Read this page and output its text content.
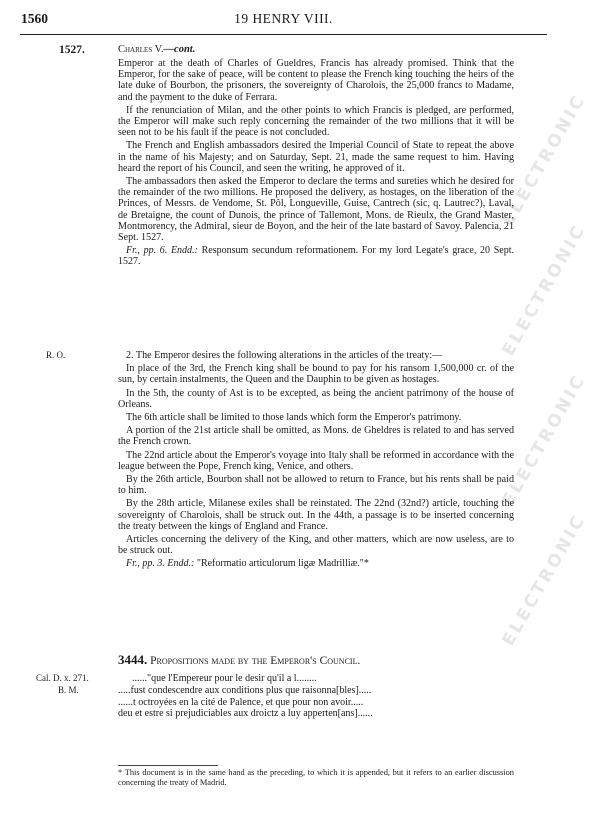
ELECTRONIC
ELECTRONIC
ELECTRONIC
ELECTRONIC
1560	19 HENRY VIII.
1527.	Charles V.—cont.

Emperor at the death of Charles of Gueldres, Francis has already promised. Think that the Emperor, for the sake of peace, will be content to please the French king touching the heirs of the late duke of Bourbon, the prisoners, the sovereignty of Charolois, the 25,000 francs to Madame, and the payment to the duke of Ferrara.

If the renunciation of Milan, and the other points to which Francis is pledged, are performed, the Emperor will make such reply concerning the remainder of the two millions that it will be seen not to be his fault if the peace is not concluded.

The French and English ambassadors desired the Imperial Council of State to repeat the above in the name of his Majesty; and on Saturday, Sept. 21, made the same request to him. Having heard the report of his Council, and seen the writing, he approved of it.

The ambassadors then asked the Emperor to declare the terms and sureties which he desired for the remainder of the two millions. He proposed the delivery, as hostages, on the liberation of the Princes, of Messrs. de Vendome, St. Pôl, Longueville, Guise, Cantrech (sic, q. Lautrec?), Laval, de Bretaigne, the count of Dunois, the prince of Tallemont, Mons. de Rieulx, the Grand Master, Montmorency, the Admiral, sieur de Boyon, and the heir of the late bastard of Savoy. Palencia, 21 Sept. 1527.

Fr., pp. 6. Endd.: Responsum secundum reformationem. For my lord Legate's grace, 20 Sept. 1527.

R. O.	2. The Emperor desires the following alterations in the articles of the treaty:—

In place of the 3rd, the French king shall be bound to pay for his ransom 1,500,000 cr. of the sun, by certain instalments, the Queen and the Dauphin to be given as hostages.

In the 5th, the county of Ast is to be excepted, as being the ancient patrimony of the house of Orleans.

The 6th article shall be limited to those lands which form the Emperor's patrimony.

A portion of the 21st article shall be omitted, as Mons. de Gheldres is related to and has served the French crown.

The 22nd article about the Emperor's voyage into Italy shall be reformed in accordance with the league between the Pope, French king, Venice, and others.

By the 26th article, Bourbon shall not be allowed to return to France, but his rents shall be paid to him.

By the 28th article, Milanese exiles shall be reinstated. The 22nd (32nd?) article, touching the sovereignty of Charolois, shall be struck out. In the 44th, a passage is to be inserted concerning the treaty between the kings of England and France.

Articles concerning the delivery of the King, and other matters, which are now useless, are to be struck out.

Fr., pp. 3. Endd.: "Reformatio articulorum ligæ Madrilliæ."*

3444. Propositions made by the Emperor's Council.
Cal. D. x. 271.
B. M.
......"que l'Empereur pour le desir qu'il a l........
.....fust condescendre aux conditions plus que raisonna[bles].....
......t octroyées en la cité de Palence, et que pour non avoir.....
deu et estre si prejudiciables aux droictz a luy apperten[ans]......
* This document is in the same hand as the preceding, to which it is appended, but it refers to an earlier discussion concerning the treaty of Madrid.
